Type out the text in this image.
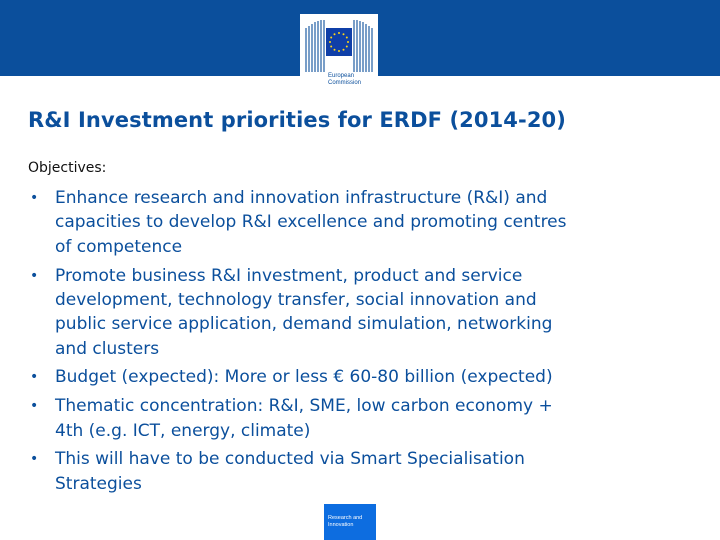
European
Commission
R&I Investment priorities for ERDF (2014-20)
Objectives:
• Enhance research and innovation infrastructure (R&I) and
capacities to develop R&I excellence and promoting centres
of competence
• Promote business R&I investment, product and service
development, technology transfer, social innovation and
public service application, demand simulation, networking
and clusters
• Budget (expected): More or less € 60-80 billion (expected)
• Thematic concentration: R&I, SME, low carbon economy +
4th (e.g. ICT, energy, climate)
• This will have to be conducted via Smart Specialisation
Strategies
Research and
Innovation
